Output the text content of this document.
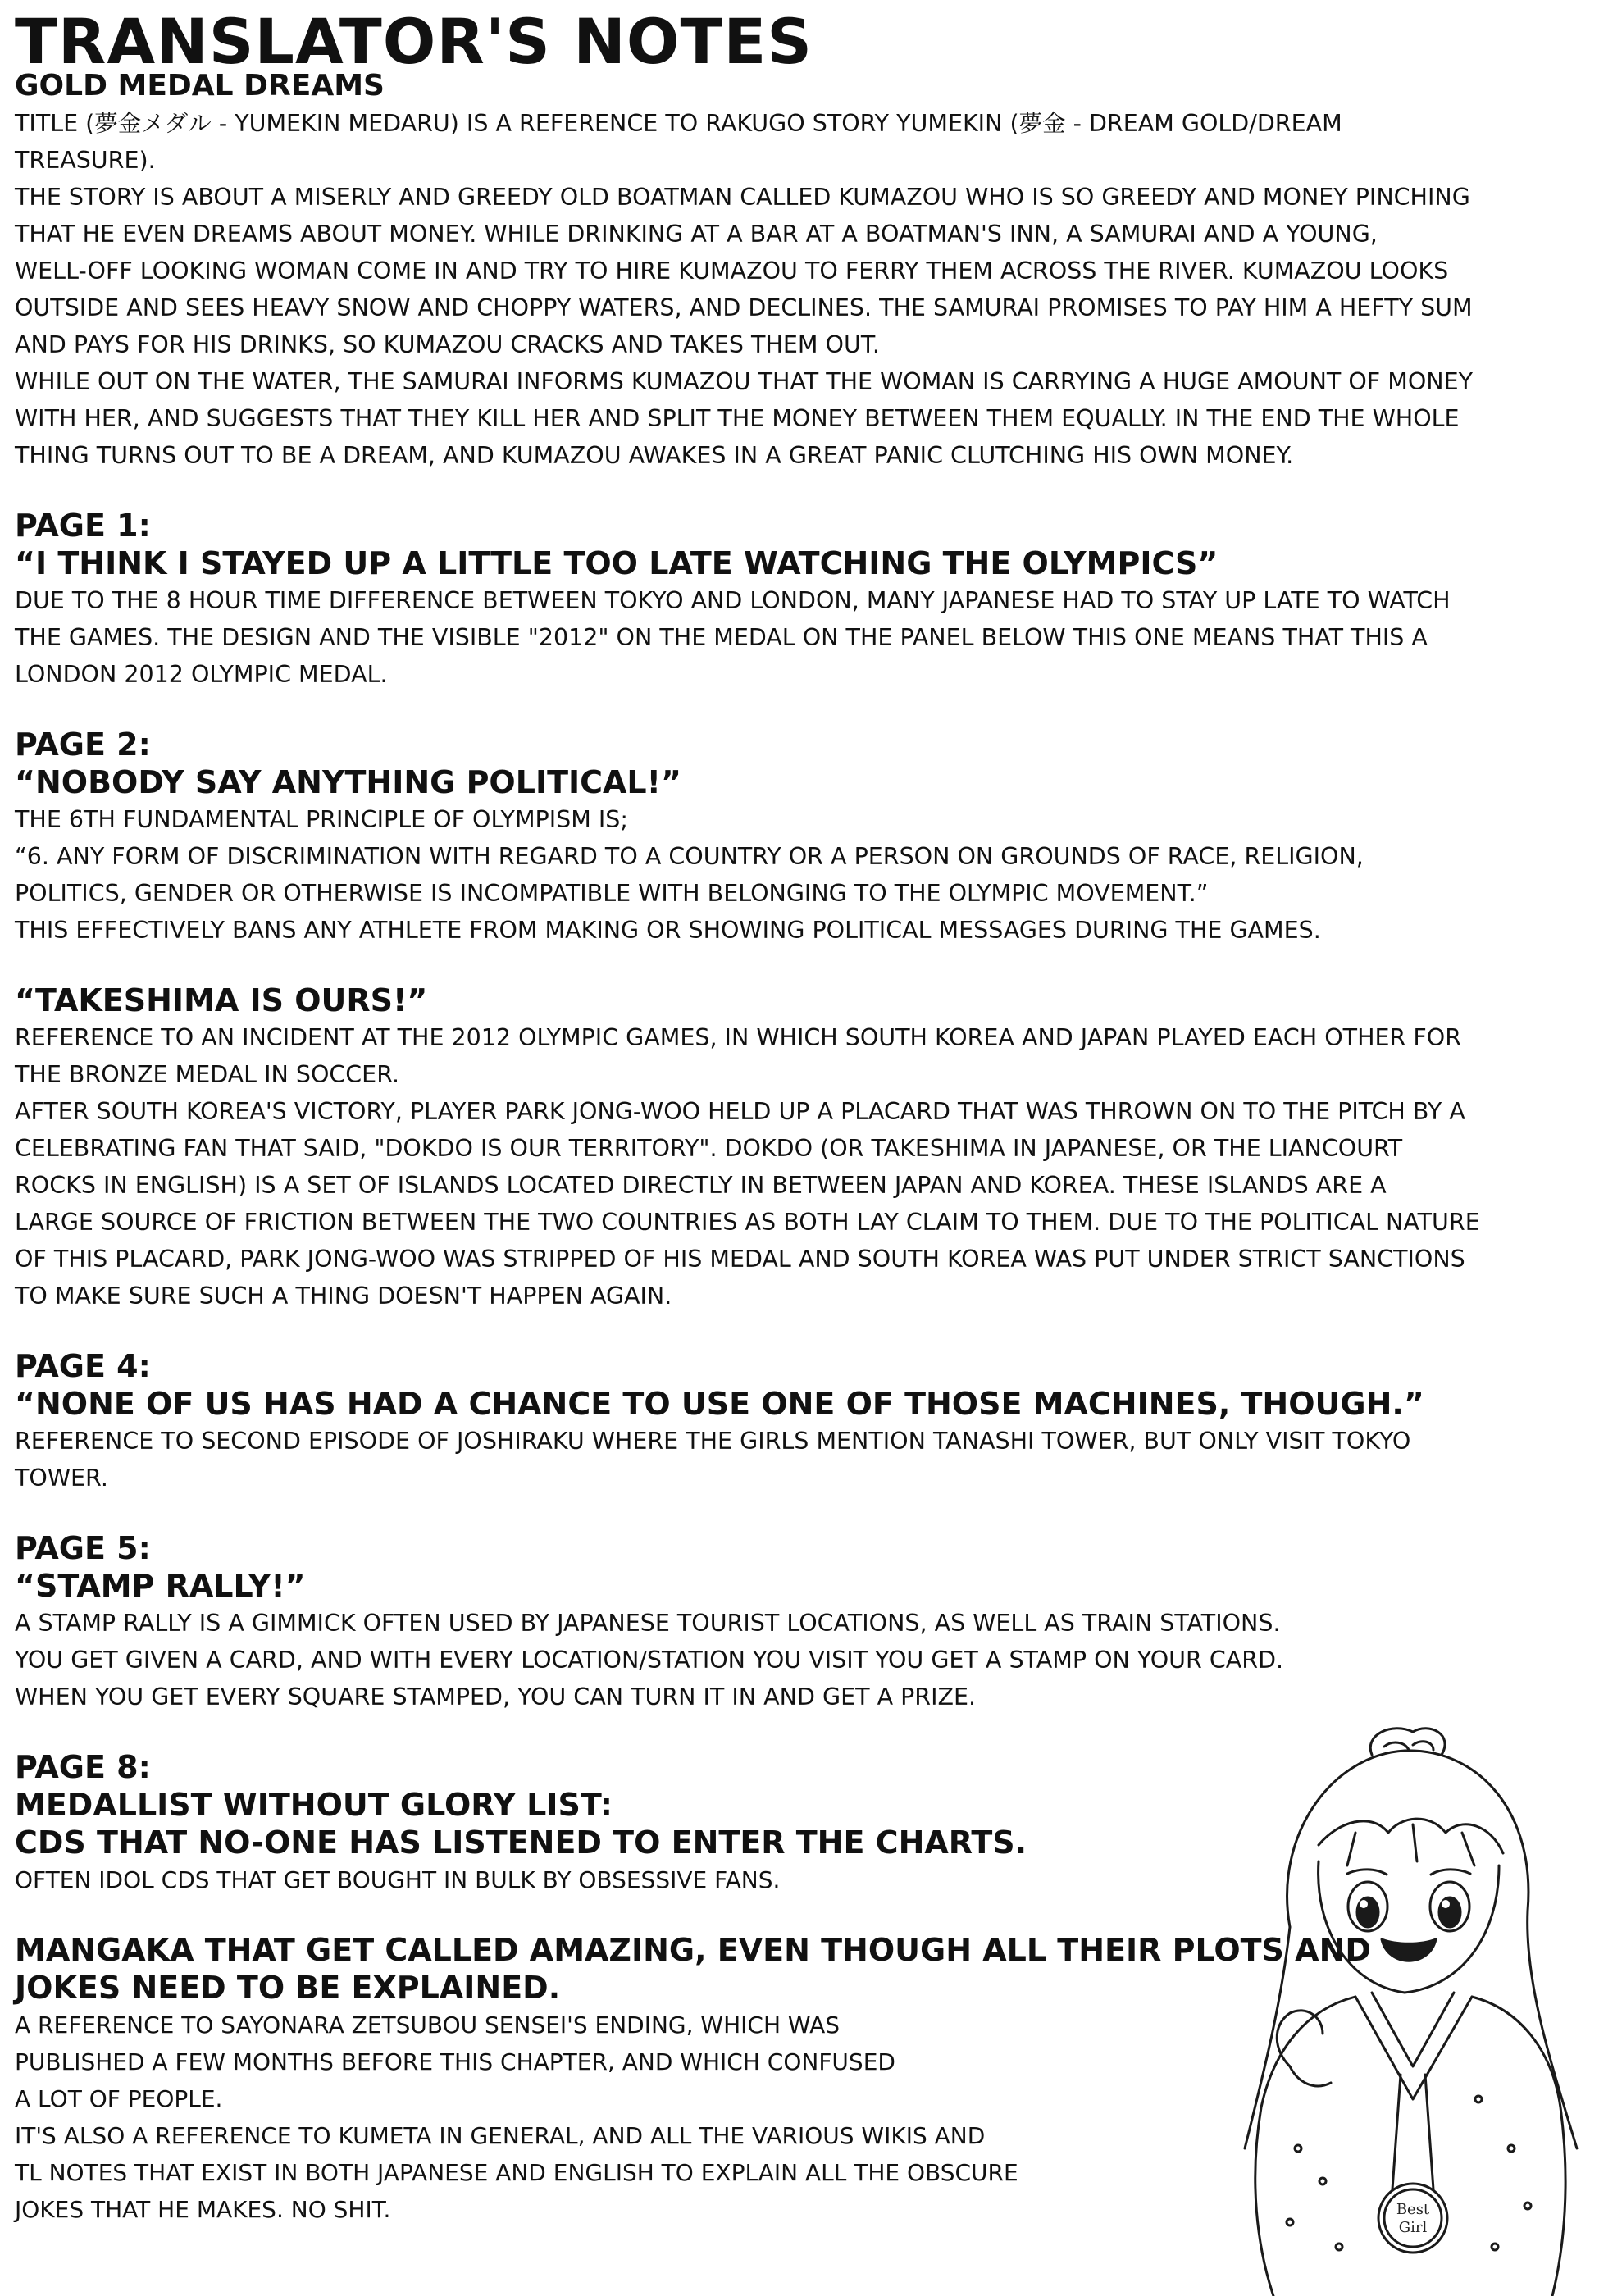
TRANSLATOR'S NOTES

GOLD MEDAL DREAMS

TITLE (夢金メダル - YUMEKIN MEDARU) IS A REFERENCE TO RAKUGO STORY YUMEKIN (夢金 - DREAM GOLD/DREAM

TREASURE).

THE STORY IS ABOUT A MISERLY AND GREEDY OLD BOATMAN CALLED KUMAZOU WHO IS SO GREEDY AND MONEY PINCHING

THAT HE EVEN DREAMS ABOUT MONEY. WHILE DRINKING AT A BAR AT A BOATMAN'S INN, A SAMURAI AND A YOUNG,

WELL-OFF LOOKING WOMAN COME IN AND TRY TO HIRE KUMAZOU TO FERRY THEM ACROSS THE RIVER. KUMAZOU LOOKS

OUTSIDE AND SEES HEAVY SNOW AND CHOPPY WATERS, AND DECLINES. THE SAMURAI PROMISES TO PAY HIM A HEFTY SUM

AND PAYS FOR HIS DRINKS, SO KUMAZOU CRACKS AND TAKES THEM OUT.

WHILE OUT ON THE WATER, THE SAMURAI INFORMS KUMAZOU THAT THE WOMAN IS CARRYING A HUGE AMOUNT OF MONEY

WITH HER, AND SUGGESTS THAT THEY KILL HER AND SPLIT THE MONEY BETWEEN THEM EQUALLY. IN THE END THE WHOLE

THING TURNS OUT TO BE A DREAM, AND KUMAZOU AWAKES IN A GREAT PANIC CLUTCHING HIS OWN MONEY.

PAGE 1:

“I THINK I STAYED UP A LITTLE TOO LATE WATCHING THE OLYMPICS”

DUE TO THE 8 HOUR TIME DIFFERENCE BETWEEN TOKYO AND LONDON, MANY JAPANESE HAD TO STAY UP LATE TO WATCH

THE GAMES. THE DESIGN AND THE VISIBLE "2012" ON THE MEDAL ON THE PANEL BELOW THIS ONE MEANS THAT THIS A

LONDON 2012 OLYMPIC MEDAL.

PAGE 2:

“NOBODY SAY ANYTHING POLITICAL!”

THE 6TH FUNDAMENTAL PRINCIPLE OF OLYMPISM IS;

“6. ANY FORM OF DISCRIMINATION WITH REGARD TO A COUNTRY OR A PERSON ON GROUNDS OF RACE, RELIGION,

POLITICS, GENDER OR OTHERWISE IS INCOMPATIBLE WITH BELONGING TO THE OLYMPIC MOVEMENT.”

THIS EFFECTIVELY BANS ANY ATHLETE FROM MAKING OR SHOWING POLITICAL MESSAGES DURING THE GAMES.

“TAKESHIMA IS OURS!”

REFERENCE TO AN INCIDENT AT THE 2012 OLYMPIC GAMES, IN WHICH SOUTH KOREA AND JAPAN PLAYED EACH OTHER FOR

THE BRONZE MEDAL IN SOCCER.

AFTER SOUTH KOREA'S VICTORY, PLAYER PARK JONG-WOO HELD UP A PLACARD THAT WAS THROWN ON TO THE PITCH BY A

CELEBRATING FAN THAT SAID, "DOKDO IS OUR TERRITORY". DOKDO (OR TAKESHIMA IN JAPANESE, OR THE LIANCOURT

ROCKS IN ENGLISH) IS A SET OF ISLANDS LOCATED DIRECTLY IN BETWEEN JAPAN AND KOREA. THESE ISLANDS ARE A

LARGE SOURCE OF FRICTION BETWEEN THE TWO COUNTRIES AS BOTH LAY CLAIM TO THEM. DUE TO THE POLITICAL NATURE

OF THIS PLACARD, PARK JONG-WOO WAS STRIPPED OF HIS MEDAL AND SOUTH KOREA WAS PUT UNDER STRICT SANCTIONS

TO MAKE SURE SUCH A THING DOESN'T HAPPEN AGAIN.

PAGE 4:

“NONE OF US HAS HAD A CHANCE TO USE ONE OF THOSE MACHINES, THOUGH.”

REFERENCE TO SECOND EPISODE OF JOSHIRAKU WHERE THE GIRLS MENTION TANASHI TOWER, BUT ONLY VISIT TOKYO

TOWER.

PAGE 5:

“STAMP RALLY!”

A STAMP RALLY IS A GIMMICK OFTEN USED BY JAPANESE TOURIST LOCATIONS, AS WELL AS TRAIN STATIONS.

YOU GET GIVEN A CARD, AND WITH EVERY LOCATION/STATION YOU VISIT YOU GET A STAMP ON YOUR CARD.

WHEN YOU GET EVERY SQUARE STAMPED, YOU CAN TURN IT IN AND GET A PRIZE.

PAGE 8:

MEDALLIST WITHOUT GLORY LIST:

CDS THAT NO-ONE HAS LISTENED TO ENTER THE CHARTS.

OFTEN IDOL CDS THAT GET BOUGHT IN BULK BY OBSESSIVE FANS.

MANGAKA THAT GET CALLED AMAZING, EVEN THOUGH ALL THEIR PLOTS AND

JOKES NEED TO BE EXPLAINED.

A REFERENCE TO SAYONARA ZETSUBOU SENSEI'S ENDING, WHICH WAS

PUBLISHED A FEW MONTHS BEFORE THIS CHAPTER, AND WHICH CONFUSED

A LOT OF PEOPLE.

IT'S ALSO A REFERENCE TO KUMETA IN GENERAL, AND ALL THE VARIOUS WIKIS AND

TL NOTES THAT EXIST IN BOTH JAPANESE AND ENGLISH TO EXPLAIN ALL THE OBSCURE

JOKES THAT HE MAKES. NO SHIT.	Best
Girl
